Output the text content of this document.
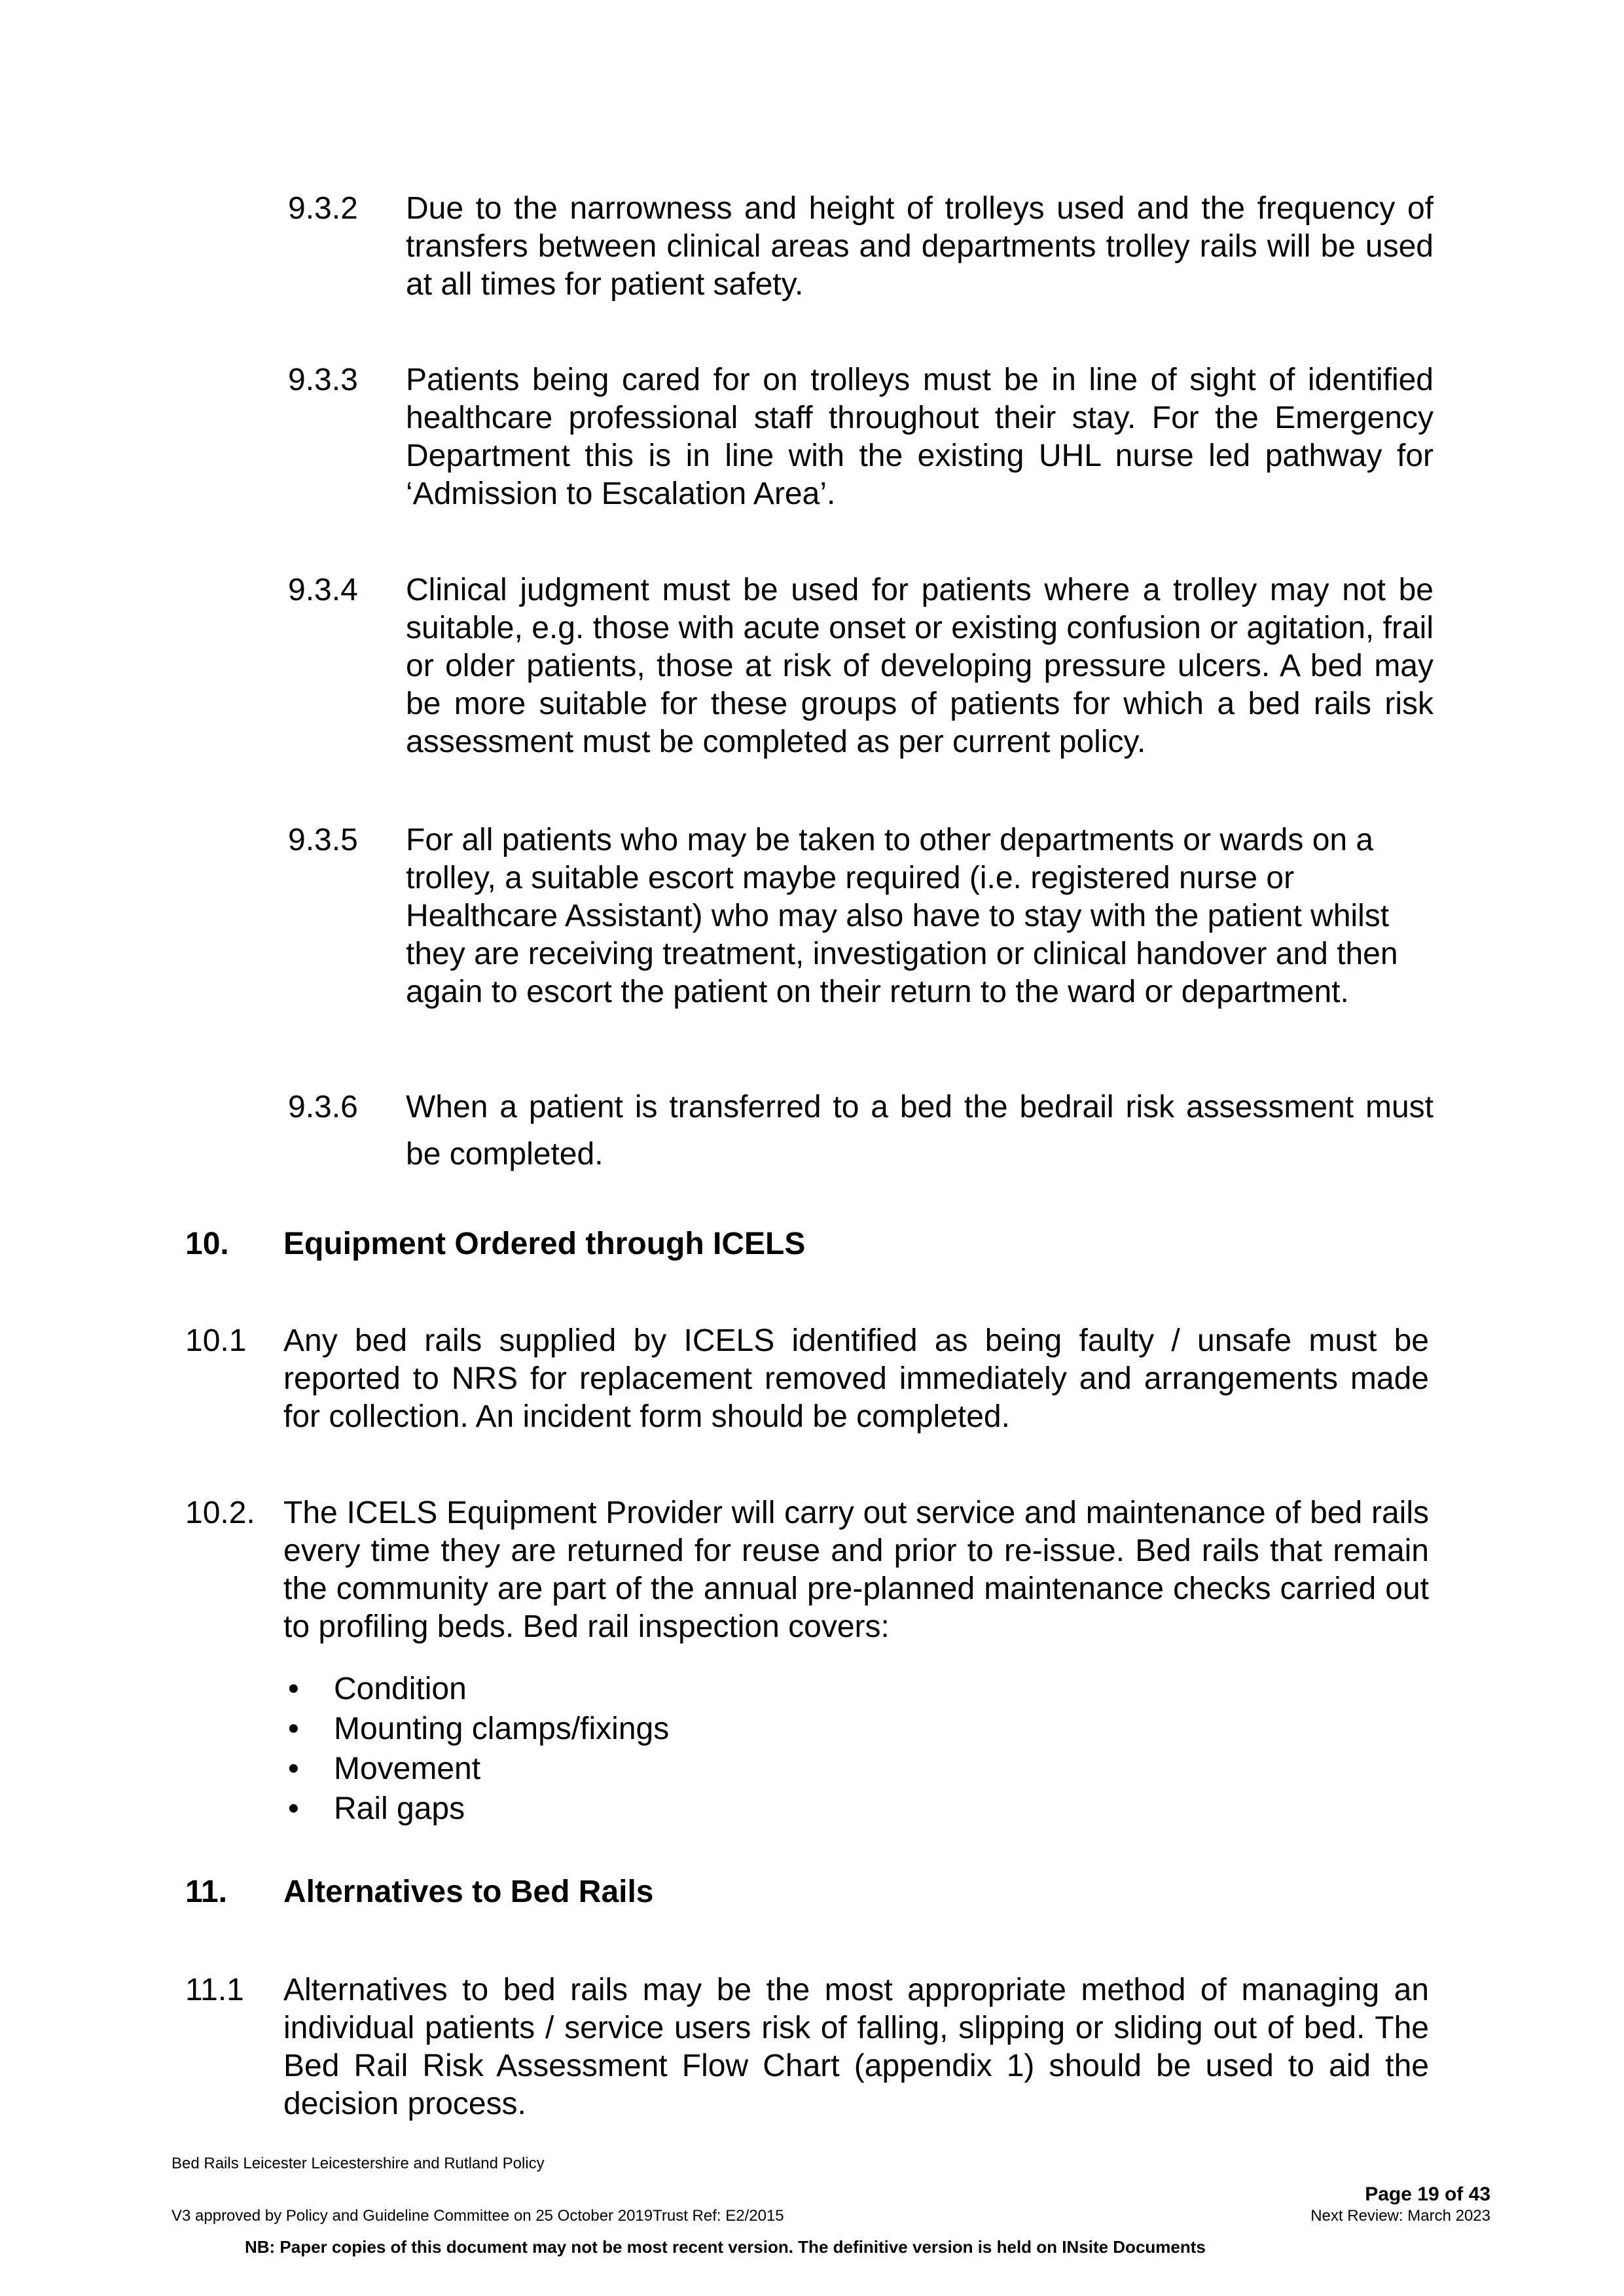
9.3.2 Due to the narrowness and height of trolleys used and the frequency of transfers between clinical areas and departments trolley rails will be used at all times for patient safety.
9.3.3 Patients being cared for on trolleys must be in line of sight of identified healthcare professional staff throughout their stay. For the Emergency Department this is in line with the existing UHL nurse led pathway for ‘Admission to Escalation Area’.
9.3.4 Clinical judgment must be used for patients where a trolley may not be suitable, e.g. those with acute onset or existing confusion or agitation, frail or older patients, those at risk of developing pressure ulcers. A bed may be more suitable for these groups of patients for which a bed rails risk assessment must be completed as per current policy.
9.3.5 For all patients who may be taken to other departments or wards on a trolley, a suitable escort maybe required (i.e. registered nurse or Healthcare Assistant) who may also have to stay with the patient whilst they are receiving treatment, investigation or clinical handover and then again to escort the patient on their return to the ward or department.
9.3.6 When a patient is transferred to a bed the bedrail risk assessment must be completed.
10. Equipment Ordered through ICELS
10.1 Any bed rails supplied by ICELS identified as being faulty / unsafe must be reported to NRS for replacement removed immediately and arrangements made for collection. An incident form should be completed.
10.2. The ICELS Equipment Provider will carry out service and maintenance of bed rails every time they are returned for reuse and prior to re-issue. Bed rails that remain the community are part of the annual pre-planned maintenance checks carried out to profiling beds. Bed rail inspection covers:
• Condition
• Mounting clamps/fixings
• Movement
• Rail gaps
11. Alternatives to Bed Rails
11.1 Alternatives to bed rails may be the most appropriate method of managing an individual patients / service users risk of falling, slipping or sliding out of bed. The Bed Rail Risk Assessment Flow Chart (appendix 1) should be used to aid the decision process.
Bed Rails Leicester Leicestershire and Rutland Policy
Page 19 of 43
V3 approved by Policy and Guideline Committee on 25 October 2019Trust Ref: E2/2015	Next Review: March 2023
NB: Paper copies of this document may not be most recent version. The definitive version is held on INsite Documents
